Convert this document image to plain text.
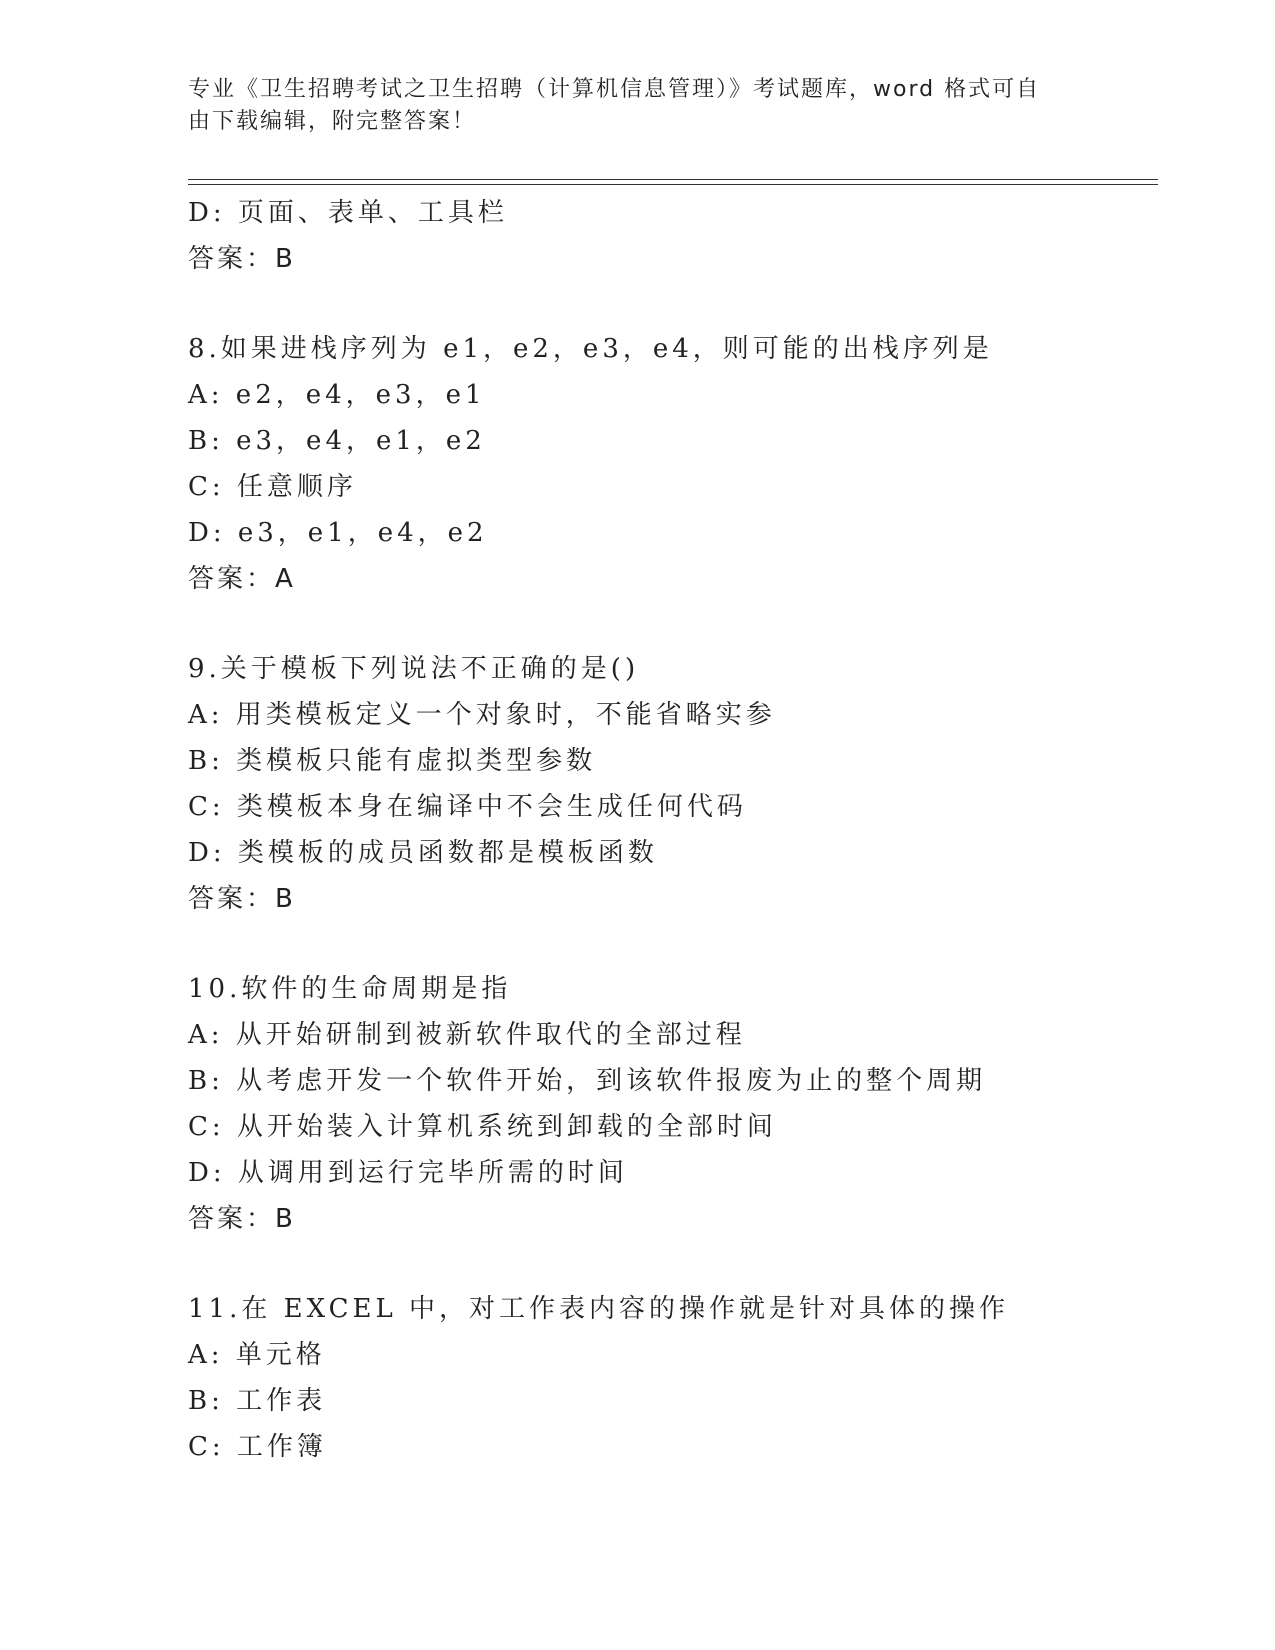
专业《卫生招聘考试之卫生招聘（计算机信息管理）》考试题库，word 格式可自
由下载编辑，附完整答案！
D: 页面、表单、工具栏
答案：B
8.如果进栈序列为 e1，e2，e3，e4，则可能的出栈序列是
A: e2，e4，e3，e1
B: e3，e4，e1，e2
C: 任意顺序
D: e3，e1，e4，e2
答案：A
9.关于模板下列说法不正确的是()
A: 用类模板定义一个对象时，不能省略实参
B: 类模板只能有虚拟类型参数
C: 类模板本身在编译中不会生成任何代码
D: 类模板的成员函数都是模板函数
答案：B
10.软件的生命周期是指
A: 从开始研制到被新软件取代的全部过程
B: 从考虑开发一个软件开始，到该软件报废为止的整个周期
C: 从开始装入计算机系统到卸载的全部时间
D: 从调用到运行完毕所需的时间
答案：B
11.在 EXCEL 中，对工作表内容的操作就是针对具体的操作
A: 单元格
B: 工作表
C: 工作簿
